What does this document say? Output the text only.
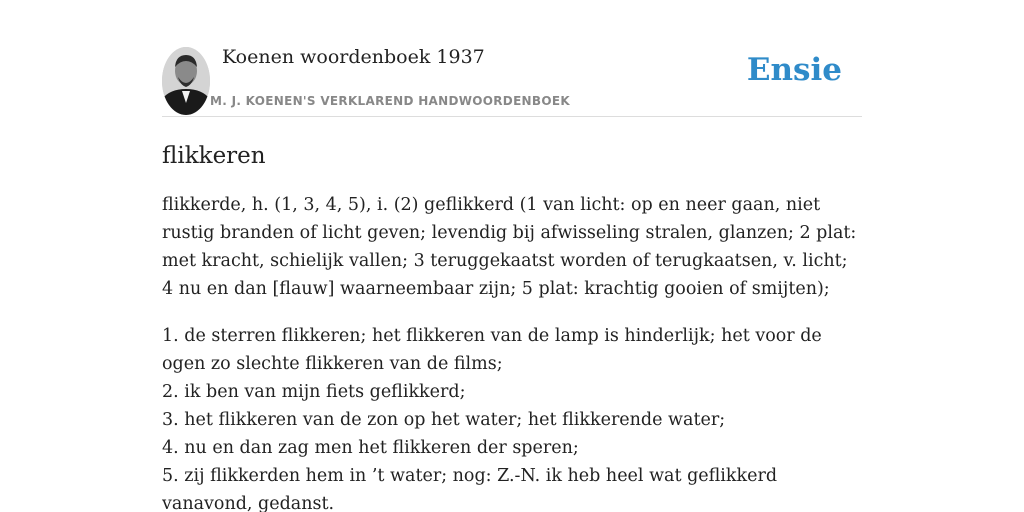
Koenen woordenboek 1937
M. J. KOENEN'S VERKLAREND HANDWOORDENBOEK
Ensie
flikkeren

flikkerde, h. (1, 3, 4, 5), i. (2) geflikkerd (1 van licht: op en neer gaan, niet rustig branden of licht geven; levendig bij afwisseling stralen, glanzen; 2 plat: met kracht, schielijk vallen; 3 teruggekaatst worden of terugkaatsen, v. licht; 4 nu en dan [flauw] waarneembaar zijn; 5 plat: krachtig gooien of smijten);

1. de sterren flikkeren; het flikkeren van de lamp is hinderlijk; het voor de ogen zo slechte flikkeren van de films;
2. ik ben van mijn fiets geflikkerd;
3. het flikkeren van de zon op het water; het flikkerende water;
4. nu en dan zag men het flikkeren der speren;
5. zij flikkerden hem in ’t water; nog: Z.-N. ik heb heel wat geflikkerd vanavond, gedanst.
